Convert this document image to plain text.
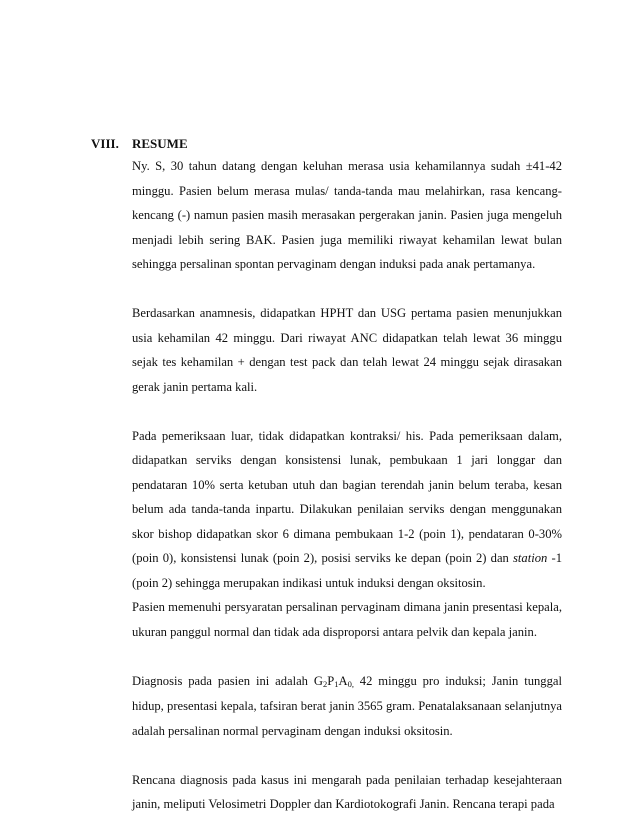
VIII. RESUME

Ny. S, 30 tahun datang dengan keluhan merasa usia kehamilannya sudah ±41-42 minggu. Pasien belum merasa mulas/ tanda-tanda mau melahirkan, rasa kencang-kencang (-) namun pasien masih merasakan pergerakan janin. Pasien juga mengeluh menjadi lebih sering BAK. Pasien juga memiliki riwayat kehamilan lewat bulan sehingga persalinan spontan pervaginam dengan induksi pada anak pertamanya.

Berdasarkan anamnesis, didapatkan HPHT dan USG pertama pasien menunjukkan usia kehamilan 42 minggu. Dari riwayat ANC didapatkan telah lewat 36 minggu sejak tes kehamilan + dengan test pack dan telah lewat 24 minggu sejak dirasakan gerak janin pertama kali.

Pada pemeriksaan luar, tidak didapatkan kontraksi/ his. Pada pemeriksaan dalam, didapatkan serviks dengan konsistensi lunak, pembukaan 1 jari longgar dan pendataran 10% serta ketuban utuh dan bagian terendah janin belum teraba, kesan belum ada tanda-tanda inpartu. Dilakukan penilaian serviks dengan menggunakan skor bishop didapatkan skor 6 dimana pembukaan 1-2 (poin 1), pendataran 0-30% (poin 0), konsistensi lunak (poin 2), posisi serviks ke depan (poin 2) dan station -1 (poin 2) sehingga merupakan indikasi untuk induksi dengan oksitosin.

Pasien memenuhi persyaratan persalinan pervaginam dimana janin presentasi kepala, ukuran panggul normal dan tidak ada disproporsi antara pelvik dan kepala janin.

Diagnosis pada pasien ini adalah $G_2P_1A_{0,}$ 42 minggu pro induksi; Janin tunggal hidup, presentasi kepala, tafsiran berat janin 3565 gram. Penatalaksanaan selanjutnya adalah persalinan normal pervaginam dengan induksi oksitosin.

Rencana diagnosis pada kasus ini mengarah pada penilaian terhadap kesejahteraan janin, meliputi Velosimetri Doppler dan Kardiotokografi Janin. Rencana terapi pada
